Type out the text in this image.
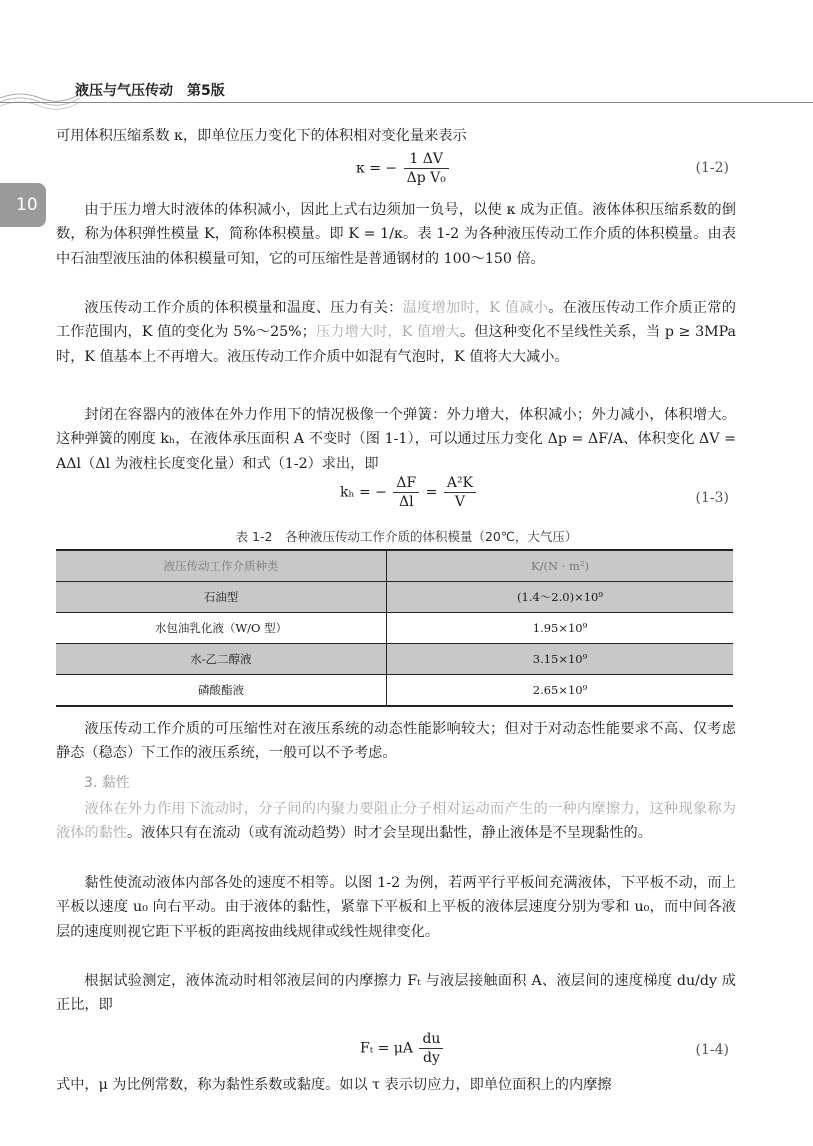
液压与气压传动　第5版
10

可用体积压缩系数 κ，即单位压力变化下的体积相对变化量来表示

κ = − $\frac{1 \Delta V}{\text{Δp V₀}}$	(1-2)

由于压力增大时液体的体积减小，因此上式右边须加一负号，以使 κ 成为正值。液体体积压缩系数的倒数，称为体积弹性模量 K，简称体积模量。即 K = 1/κ。表 1-2 为各种液压传动工作介质的体积模量。由表中石油型液压油的体积模量可知，它的可压缩性是普通钢材的 100～150 倍。

液压传动工作介质的体积模量和温度、压力有关：温度增加时，K 值减小。在液压传动工作介质正常的工作范围内，K 值的变化为 5%～25%；压力增大时，K 值增大。但这种变化不呈线性关系，当 p ≥ 3MPa 时，K 值基本上不再增大。液压传动工作介质中如混有气泡时，K 值将大大减小。

封闭在容器内的液体在外力作用下的情况极像一个弹簧：外力增大，体积减小；外力减小，体积增大。这种弹簧的刚度 kₕ，在液体承压面积 A 不变时（图 1-1），可以通过压力变化 Δp = ΔF/A、体积变化 ΔV = AΔl（Δl 为液柱长度变化量）和式（1-2）求出，即

kₕ = − $\frac{\Delta F}{\Delta l} = \frac{\text{A²K}}{V}$	(1-3)
表 1-2　各种液压传动工作介质的体积模量（20℃，大气压）
液压传动工作介质种类	K/(N · m²)
石油型	(1.4～2.0)×10⁹
水包油乳化液（W/O 型）	1.95×10⁹
水-乙二醇液	3.15×10⁹
磷酸酯液	2.65×10⁹

液压传动工作介质的可压缩性对在液压系统的动态性能影响较大；但对于对动态性能要求不高、仅考虑静态（稳态）下工作的液压系统，一般可以不予考虑。

3. 黏性

液体在外力作用下流动时，分子间的内聚力要阻止分子相对运动而产生的一种内摩擦力，这种现象称为液体的黏性。液体只有在流动（或有流动趋势）时才会呈现出黏性，静止液体是不呈现黏性的。

黏性使流动液体内部各处的速度不相等。以图 1-2 为例，若两平行平板间充满液体，下平板不动，而上平板以速度 u₀ 向右平动。由于液体的黏性，紧靠下平板和上平板的液体层速度分别为零和 u₀，而中间各液层的速度则视它距下平板的距离按曲线规律或线性规律变化。

根据试验测定，液体流动时相邻液层间的内摩擦力 Fₜ 与液层接触面积 A、液层间的速度梯度 du/dy 成正比，即

Fₜ = μA $\frac{du}{dy}$	(1-4)

式中，μ 为比例常数，称为黏性系数或黏度。如以 τ 表示切应力，即单位面积上的内摩擦
